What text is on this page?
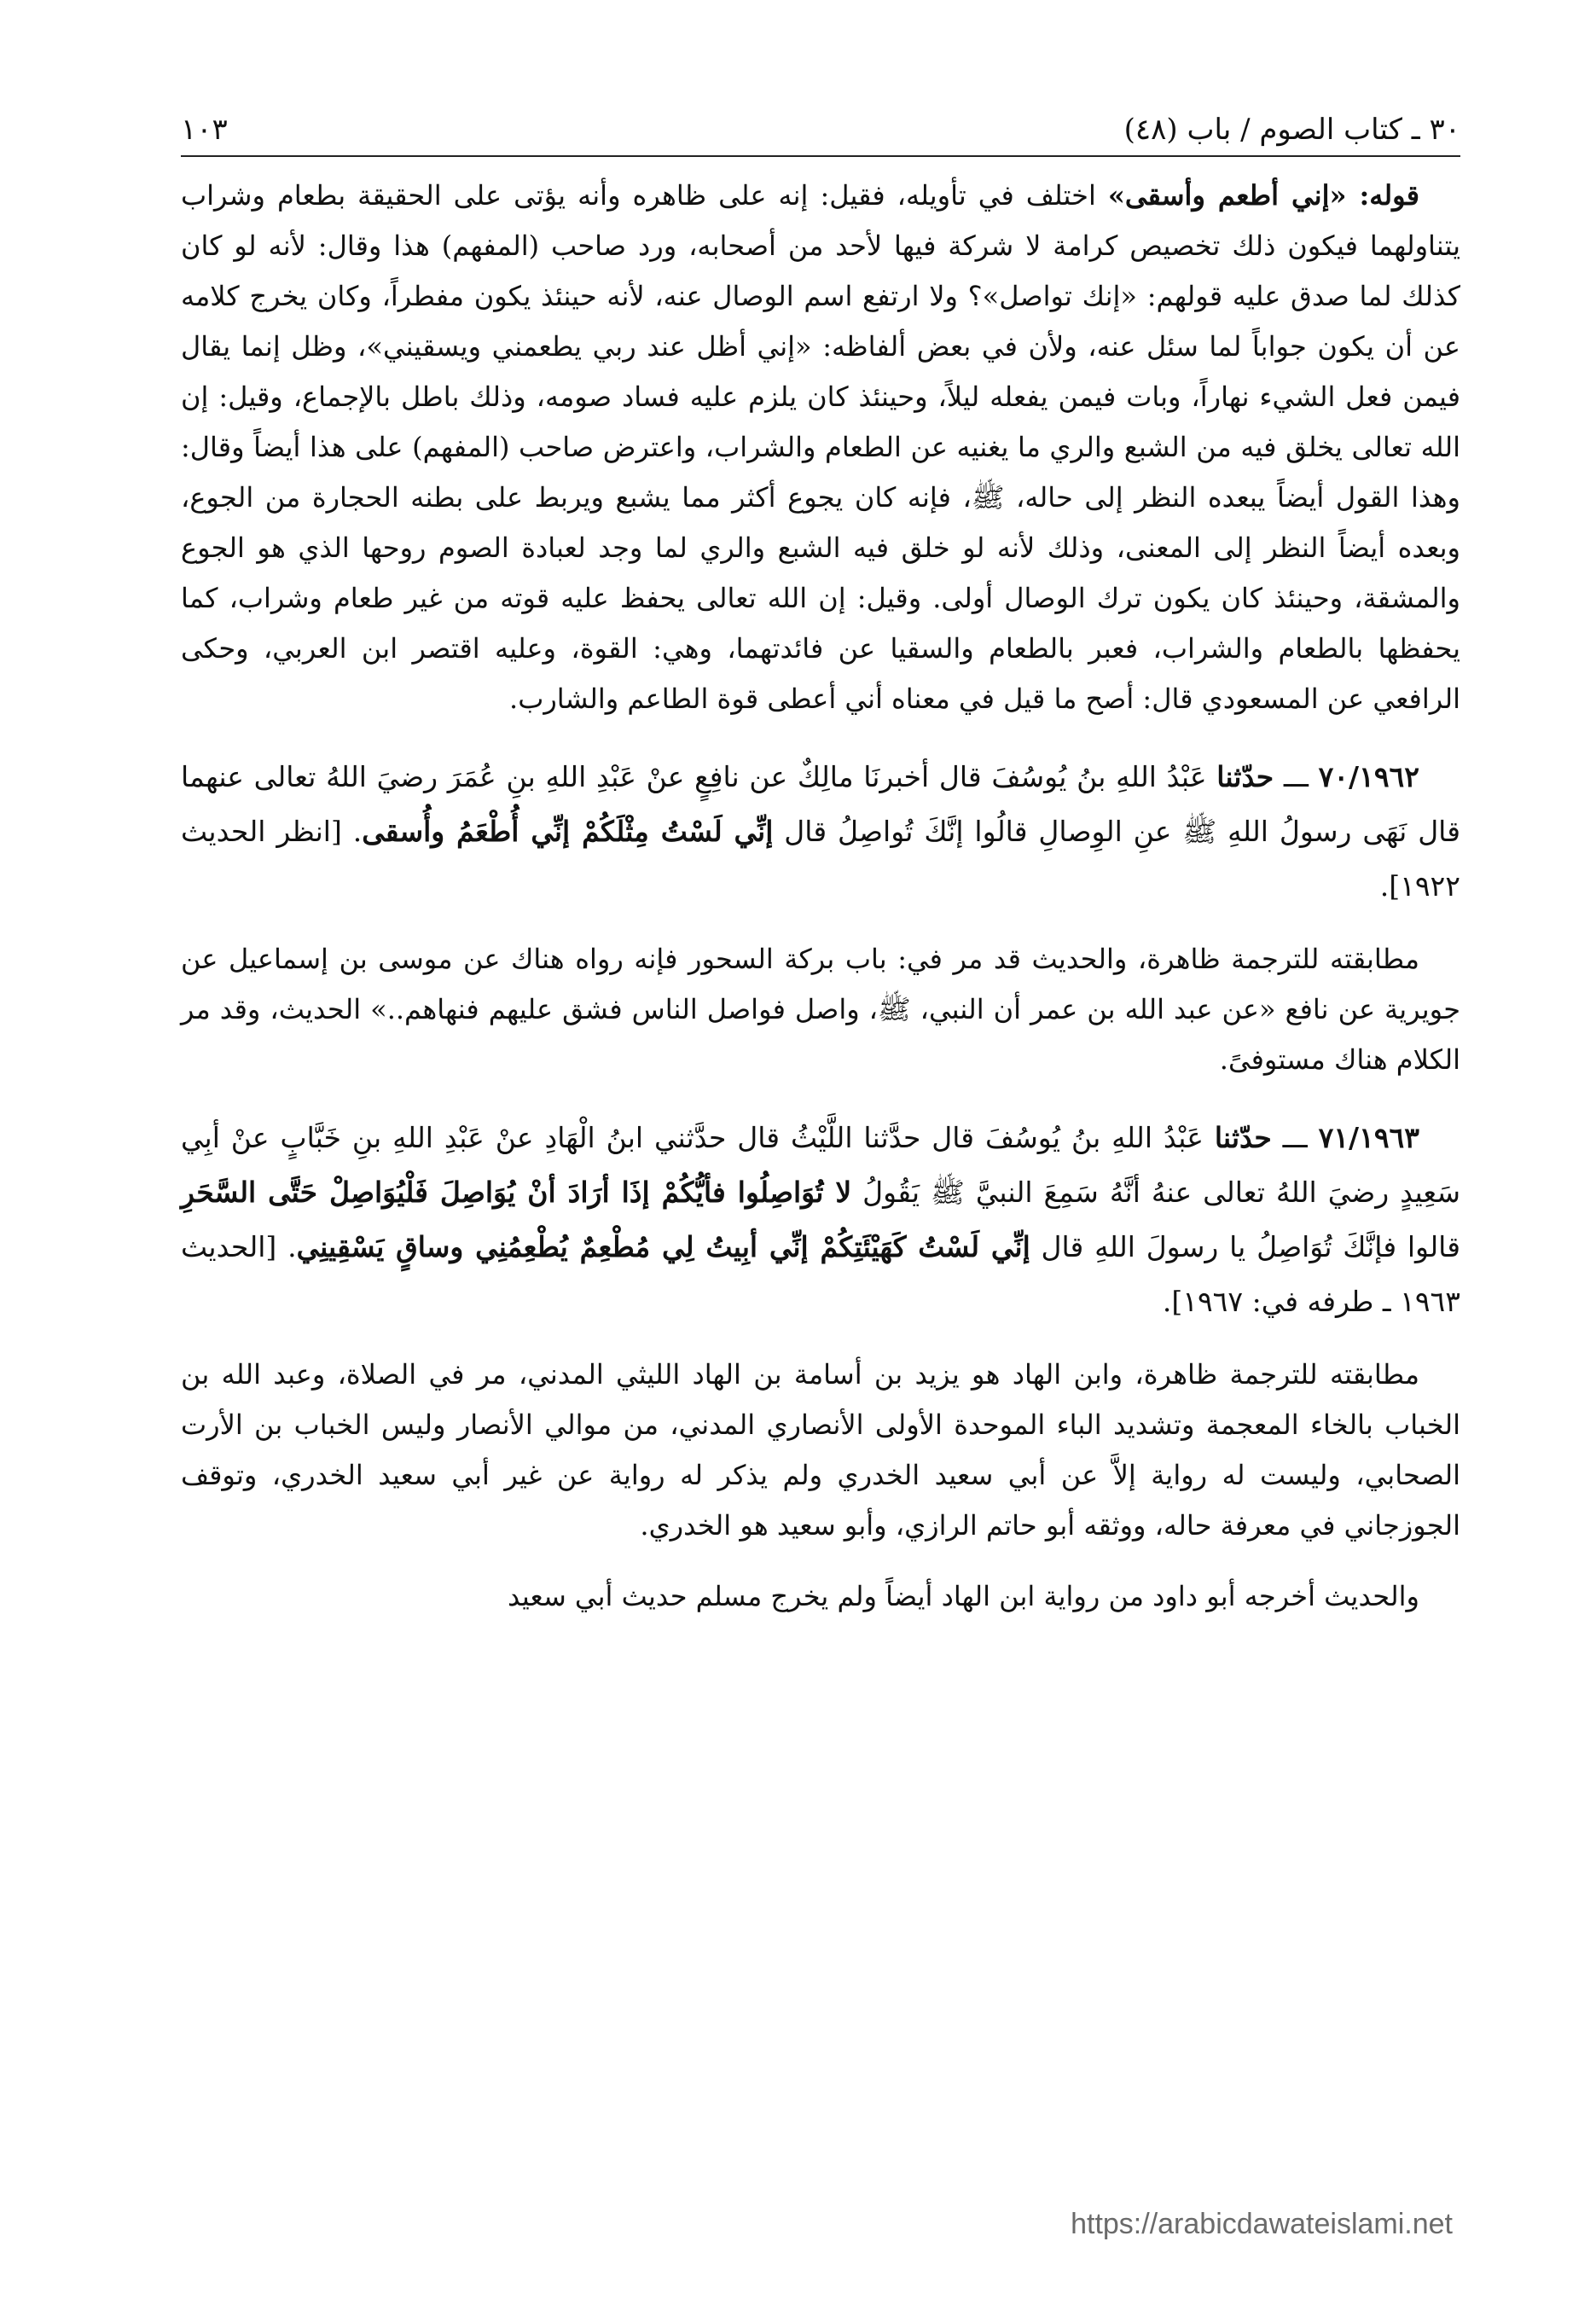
٣٠ ـ كتاب الصوم / باب (٤٨)
١٠٣

قوله: «إني أطعم وأسقى» اختلف في تأويله، فقيل: إنه على ظاهره وأنه يؤتى على الحقيقة بطعام وشراب يتناولهما فيكون ذلك تخصيص كرامة لا شركة فيها لأحد من أصحابه، ورد صاحب (المفهم) هذا وقال: لأنه لو كان كذلك لما صدق عليه قولهم: «إنك تواصل»؟ ولا ارتفع اسم الوصال عنه، لأنه حينئذ يكون مفطراً، وكان يخرج كلامه عن أن يكون جواباً لما سئل عنه، ولأن في بعض ألفاظه: «إني أظل عند ربي يطعمني ويسقيني»، وظل إنما يقال فيمن فعل الشيء نهاراً، وبات فيمن يفعله ليلاً، وحينئذ كان يلزم عليه فساد صومه، وذلك باطل بالإجماع، وقيل: إن الله تعالى يخلق فيه من الشبع والري ما يغنيه عن الطعام والشراب، واعترض صاحب (المفهم) على هذا أيضاً وقال: وهذا القول أيضاً يبعده النظر إلى حاله، ﷺ، فإنه كان يجوع أكثر مما يشبع ويربط على بطنه الحجارة من الجوع، وبعده أيضاً النظر إلى المعنى، وذلك لأنه لو خلق فيه الشبع والري لما وجد لعبادة الصوم روحها الذي هو الجوع والمشقة، وحينئذ كان يكون ترك الوصال أولى. وقيل: إن الله تعالى يحفظ عليه قوته من غير طعام وشراب، كما يحفظها بالطعام والشراب، فعبر بالطعام والسقيا عن فائدتهما، وهي: القوة، وعليه اقتصر ابن العربي، وحكى الرافعي عن المسعودي قال: أصح ما قيل في معناه أني أعطى قوة الطاعم والشارب.

٧٠/١٩٦٢ ـــ حدّثنا عَبْدُ اللهِ بنُ يُوسُفَ قال أخبرنَا مالِكٌ عن نافِعٍ عنْ عَبْدِ اللهِ بنِ عُمَرَ رضيَ اللهُ تعالى عنهما قال نَهَى رسولُ اللهِ ﷺ عنِ الوِصالِ قالُوا إنَّكَ تُواصِلُ قال إنِّي لَسْتُ مِثْلَكُمْ إنِّي أُطْعَمُ وأُسقى. [انظر الحديث ١٩٢٢].

مطابقته للترجمة ظاهرة، والحديث قد مر في: باب بركة السحور فإنه رواه هناك عن موسى بن إسماعيل عن جويرية عن نافع «عن عبد الله بن عمر أن النبي، ﷺ، واصل فواصل الناس فشق عليهم فنهاهم..» الحديث، وقد مر الكلام هناك مستوفىً.

٧١/١٩٦٣ ـــ حدّثنا عَبْدُ اللهِ بنُ يُوسُفَ قال حدَّثنا اللَّيْثُ قال حدَّثني ابنُ الْهَادِ عنْ عَبْدِ اللهِ بنِ خَبَّابٍ عنْ أبِي سَعِيدٍ رضيَ اللهُ تعالى عنهُ أنَّهُ سَمِعَ النبيَّ ﷺ يَقُولُ لا تُوَاصِلُوا فأيُّكُمْ إذَا أرَادَ أنْ يُوَاصِلَ فَلْيُوَاصِلْ حَتَّى السَّحَرِ قالوا فإنَّكَ تُوَاصِلُ يا رسولَ اللهِ قال إنِّي لَسْتُ كَهَيْئَتِكُمْ إنِّي أبِيتُ لِي مُطْعِمٌ يُطْعِمُنِي وساقٍ يَسْقِينِي. [الحديث ١٩٦٣ ـ طرفه في: ١٩٦٧].

مطابقته للترجمة ظاهرة، وابن الهاد هو يزيد بن أسامة بن الهاد الليثي المدني، مر في الصلاة، وعبد الله بن الخباب بالخاء المعجمة وتشديد الباء الموحدة الأولى الأنصاري المدني، من موالي الأنصار وليس الخباب بن الأرت الصحابي، وليست له رواية إلاَّ عن أبي سعيد الخدري ولم يذكر له رواية عن غير أبي سعيد الخدري، وتوقف الجوزجاني في معرفة حاله، ووثقه أبو حاتم الرازي، وأبو سعيد هو الخدري.

والحديث أخرجه أبو داود من رواية ابن الهاد أيضاً ولم يخرج مسلم حديث أبي سعيد

https://arabicdawateislami.net
